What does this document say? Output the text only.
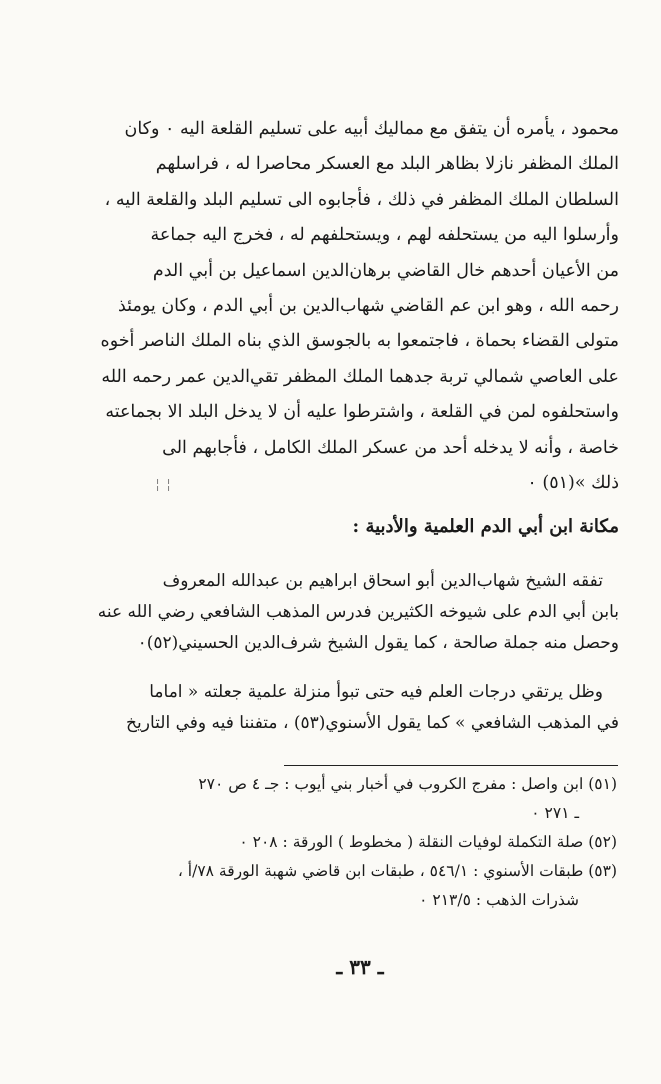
محمود ، يأمره أن يتفق مع مماليك أبيه على تسليم القلعة اليه ٠ وكان

الملك المظفر نازلا بظاهر البلد مع العسكر محاصرا له ، فراسلهم

السلطان الملك المظفر في ذلك ، فأجابوه الى تسليم البلد والقلعة اليه ،

وأرسلوا اليه من يستحلفه لهم ، ويستحلفهم له ، فخرج اليه جماعة

من الأعيان أحدهم خال القاضي برهان‌الدين اسماعيل بن أبي الدم

رحمه الله ، وهو ابن عم القاضي شهاب‌الدين بن أبي الدم ، وكان يومئذ

متولى القضاء بحماة ، فاجتمعوا به بالجوسق الذي بناه الملك الناصر أخوه

على العاصي شمالي تربة جدهما الملك المظفر تقي‌الدين عمر رحمه الله

واستحلفوه لمن في القلعة ، واشترطوا عليه أن لا يدخل البلد الا بجماعته

خاصة ، وأنه لا يدخله أحد من عسكر الملك الكامل ، فأجابهم الى

ذلك »(٥١) ٠

╎ ╎
مكانة ابن أبي الدم العلمية والأدبية :

تفقه الشيخ شهاب‌الدين أبو اسحاق ابراهيم بن عبدالله المعروف

بابن أبي الدم على شيوخه الكثيرين فدرس المذهب الشافعي رضي الله عنه

وحصل منه جملة صالحة ، كما يقول الشيخ شرف‌الدين الحسيني(٥٢)٠

وظل يرتقي درجات العلم فيه حتى تبوأ منزلة علمية جعلته « اماما

في المذهب الشافعي » كما يقول الأسنوي(٥٣) ، متفننا فيه وفي التاريخ

(٥١) ابن واصل : مفرج الكروب في أخبار بني أيوب : جـ ٤ ص ٢٧٠
ـ ٢٧١ ٠
(٥٢) صلة التكملة لوفيات النقلة ( مخطوط ) الورقة : ٢٠٨ ٠
(٥٣) طبقات الأسنوي : ٥٤٦/١ ، طبقات ابن قاضي شهبة الورقة ٧٨/أ ،
شذرات الذهب : ٢١٣/٥ ٠
ـ ٣٣ ـ
